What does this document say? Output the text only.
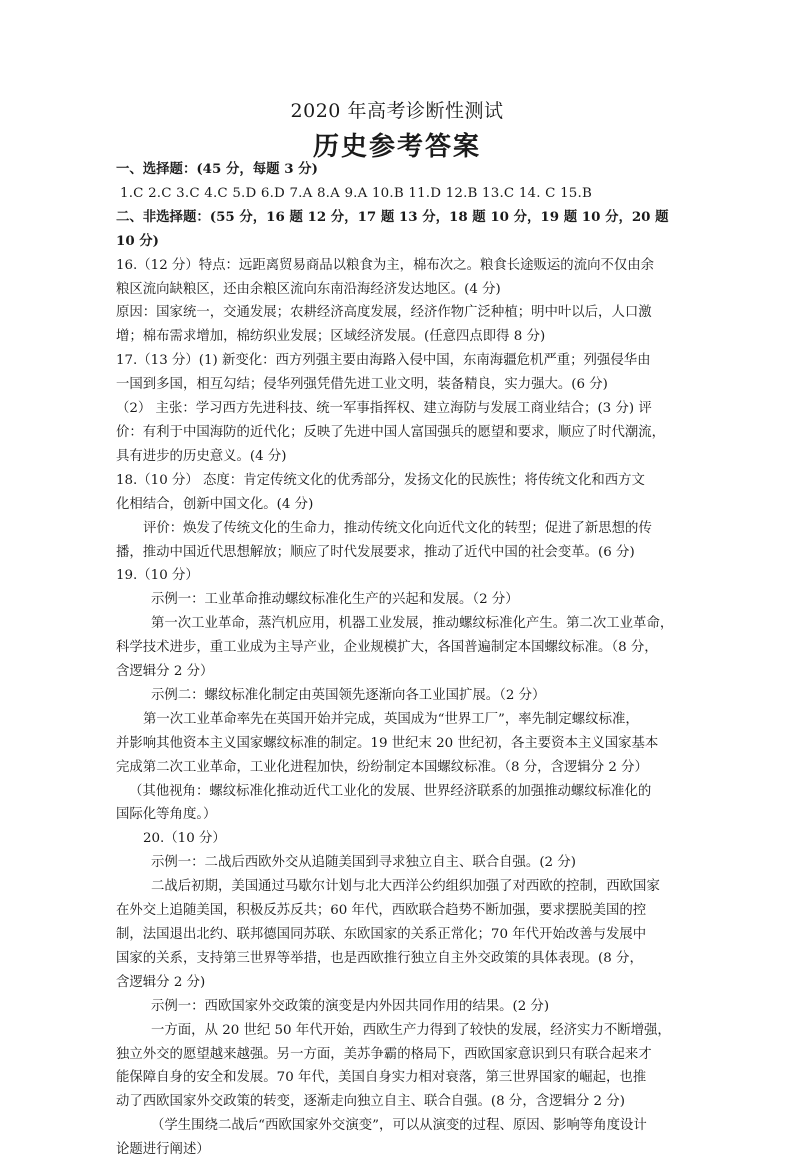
2020 年高考诊断性测试
历史参考答案

一、选择题：(45 分，每题 3 分)

1.C 2.C 3.C 4.C 5.D 6.D 7.A 8.A 9.A 10.B 11.D 12.B 13.C 14. C 15.B

二、非选择题：(55 分，16 题 12 分，17 题 13 分，18 题 10 分，19 题 10 分，20 题 10 分)

16.（12 分）特点：远距离贸易商品以粮食为主，棉布次之。粮食长途贩运的流向不仅由余

粮区流向缺粮区，还由余粮区流向东南沿海经济发达地区。(4 分)

原因：国家统一，交通发展；农耕经济高度发展，经济作物广泛种植；明中叶以后，人口激

增；棉布需求增加，棉纺织业发展；区域经济发展。(任意四点即得 8 分)

17.（13 分）(1) 新变化：西方列强主要由海路入侵中国，东南海疆危机严重；列强侵华由

一国到多国，相互勾结；侵华列强凭借先进工业文明，装备精良，实力强大。(6 分)

（2） 主张：学习西方先进科技、统一军事指挥权、建立海防与发展工商业结合；(3 分) 评

价：有利于中国海防的近代化；反映了先进中国人富国强兵的愿望和要求，顺应了时代潮流，

具有进步的历史意义。(4 分)

18.（10 分） 态度：肯定传统文化的优秀部分，发扬文化的民族性；将传统文化和西方文

化相结合，创新中国文化。(4 分)

评价：焕发了传统文化的生命力，推动传统文化向近代文化的转型；促进了新思想的传

播，推动中国近代思想解放；顺应了时代发展要求，推动了近代中国的社会变革。(6 分)

19.（10 分）

示例一：工业革命推动螺纹标准化生产的兴起和发展。（2 分）

第一次工业革命，蒸汽机应用，机器工业发展，推动螺纹标准化产生。第二次工业革命，

科学技术进步，重工业成为主导产业，企业规模扩大，各国普遍制定本国螺纹标准。（8 分，

含逻辑分 2 分）

示例二：螺纹标准化制定由英国领先逐渐向各工业国扩展。（2 分）

第一次工业革命率先在英国开始并完成，英国成为“世界工厂”，率先制定螺纹标准，

并影响其他资本主义国家螺纹标准的制定。19 世纪末 20 世纪初，各主要资本主义国家基本

完成第二次工业革命，工业化进程加快，纷纷制定本国螺纹标准。（8 分，含逻辑分 2 分）

（其他视角：螺纹标准化推动近代工业化的发展、世界经济联系的加强推动螺纹标准化的

国际化等角度。）

20.（10 分）

示例一：二战后西欧外交从追随美国到寻求独立自主、联合自强。(2 分)

二战后初期，美国通过马歇尔计划与北大西洋公约组织加强了对西欧的控制，西欧国家

在外交上追随美国，积极反苏反共；60 年代，西欧联合趋势不断加强，要求摆脱美国的控

制，法国退出北约、联邦德国同苏联、东欧国家的关系正常化；70 年代开始改善与发展中

国家的关系，支持第三世界等举措，也是西欧推行独立自主外交政策的具体表现。(8 分，

含逻辑分 2 分)

示例一：西欧国家外交政策的演变是内外因共同作用的结果。(2 分)

一方面，从 20 世纪 50 年代开始，西欧生产力得到了较快的发展，经济实力不断增强，

独立外交的愿望越来越强。另一方面，美苏争霸的格局下，西欧国家意识到只有联合起来才

能保障自身的安全和发展。70 年代，美国自身实力相对衰落，第三世界国家的崛起，也推

动了西欧国家外交政策的转变，逐渐走向独立自主、联合自强。(8 分，含逻辑分 2 分)

（学生围绕二战后“西欧国家外交演变”，可以从演变的过程、原因、影响等角度设计

论题进行阐述）
